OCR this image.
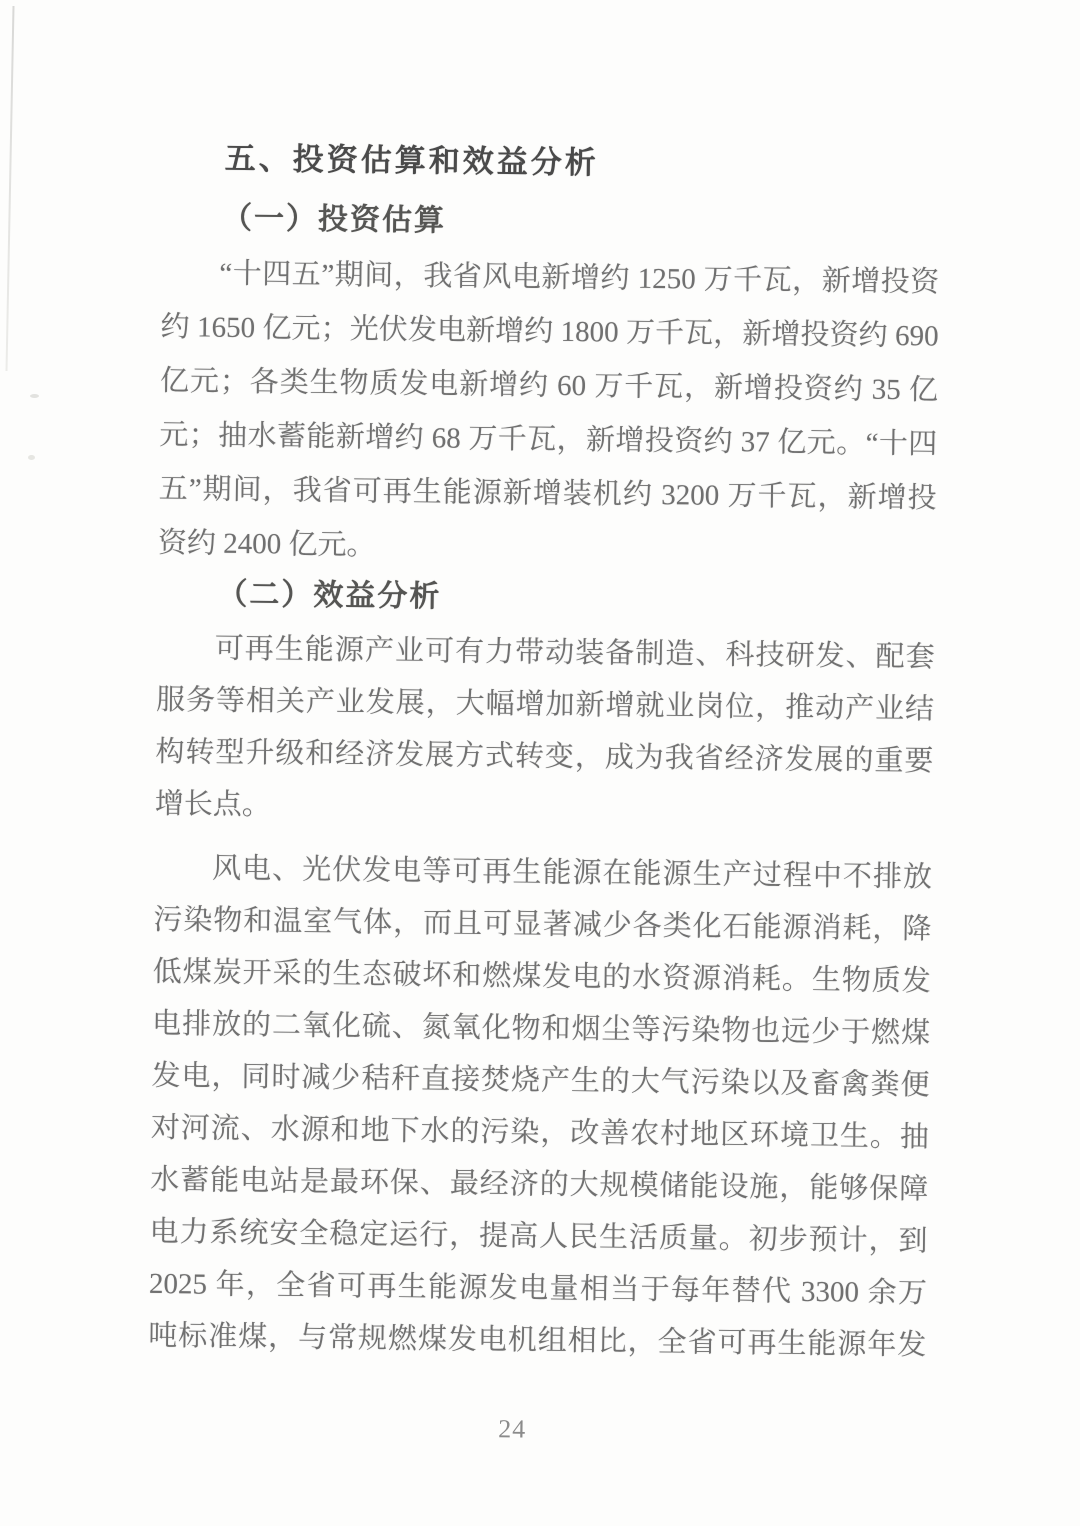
五、投资估算和效益分析
（一）投资估算
“十四五”期间，我省风电新增约 1250 万千瓦，新增投资
约 1650 亿元；光伏发电新增约 1800 万千瓦，新增投资约 690
亿元；各类生物质发电新增约 60 万千瓦，新增投资约 35 亿
元；抽水蓄能新增约 68 万千瓦，新增投资约 37 亿元。“十四
五”期间，我省可再生能源新增装机约 3200 万千瓦，新增投
资约 2400 亿元。
（二）效益分析
可再生能源产业可有力带动装备制造、科技研发、配套
服务等相关产业发展，大幅增加新增就业岗位，推动产业结
构转型升级和经济发展方式转变，成为我省经济发展的重要
增长点。
风电、光伏发电等可再生能源在能源生产过程中不排放
污染物和温室气体，而且可显著减少各类化石能源消耗，降
低煤炭开采的生态破坏和燃煤发电的水资源消耗。生物质发
电排放的二氧化硫、氮氧化物和烟尘等污染物也远少于燃煤
发电，同时减少秸秆直接焚烧产生的大气污染以及畜禽粪便
对河流、水源和地下水的污染，改善农村地区环境卫生。抽
水蓄能电站是最环保、最经济的大规模储能设施，能够保障
电力系统安全稳定运行，提高人民生活质量。初步预计，到
2025 年，全省可再生能源发电量相当于每年替代 3300 余万
吨标准煤，与常规燃煤发电机组相比，全省可再生能源年发
24
